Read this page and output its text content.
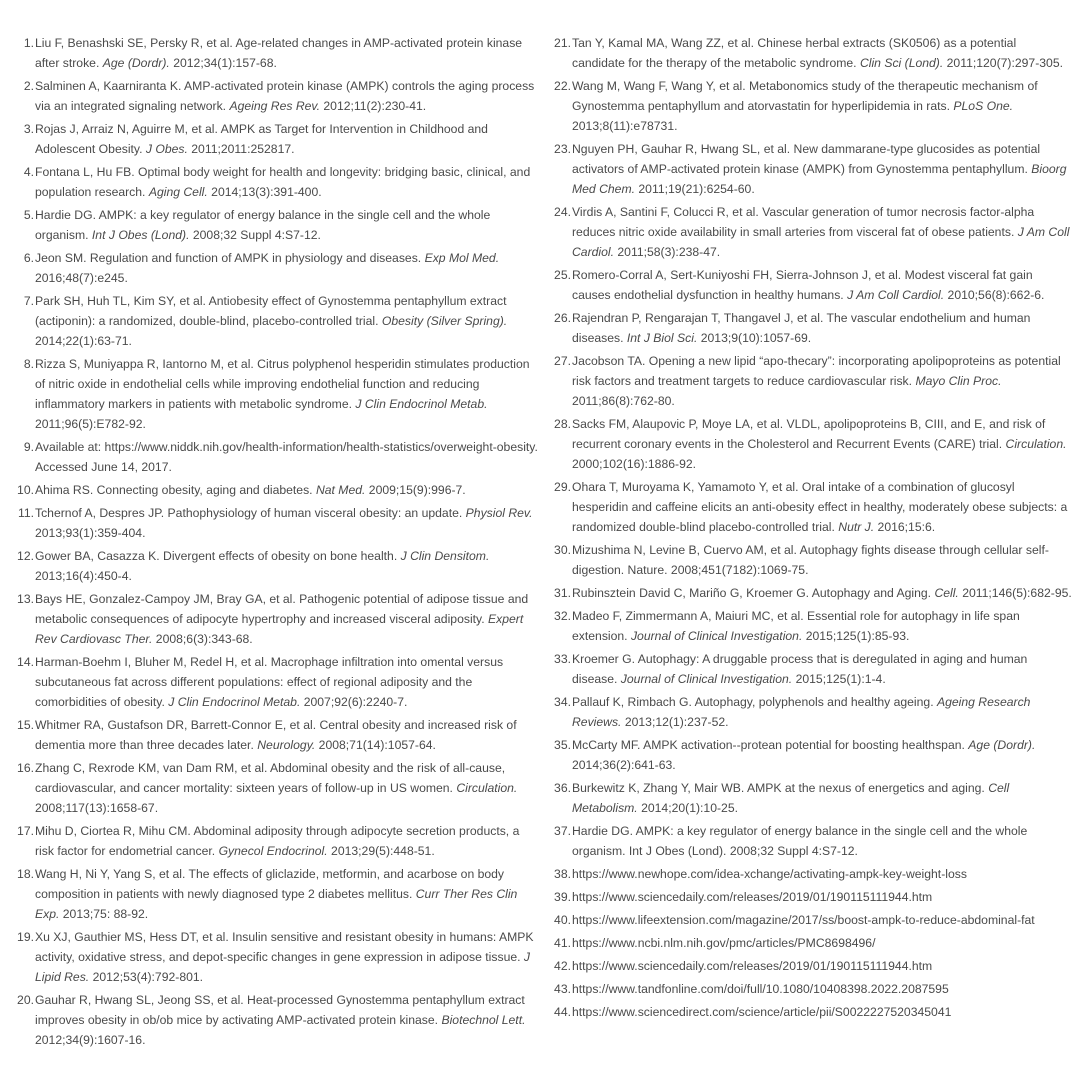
1. Liu F, Benashski SE, Persky R, et al. Age-related changes in AMP-activated protein kinase after stroke. Age (Dordr). 2012;34(1):157-68.
2. Salminen A, Kaarniranta K. AMP-activated protein kinase (AMPK) controls the aging process via an integrated signaling network. Ageing Res Rev. 2012;11(2):230-41.
3. Rojas J, Arraiz N, Aguirre M, et al. AMPK as Target for Intervention in Childhood and Adolescent Obesity. J Obes. 2011;2011:252817.
4. Fontana L, Hu FB. Optimal body weight for health and longevity: bridging basic, clinical, and population research. Aging Cell. 2014;13(3):391-400.
5. Hardie DG. AMPK: a key regulator of energy balance in the single cell and the whole organism. Int J Obes (Lond). 2008;32 Suppl 4:S7-12.
6. Jeon SM. Regulation and function of AMPK in physiology and diseases. Exp Mol Med. 2016;48(7):e245.
7. Park SH, Huh TL, Kim SY, et al. Antiobesity effect of Gynostemma pentaphyllum extract (actiponin): a randomized, double-blind, placebo-controlled trial. Obesity (Silver Spring). 2014;22(1):63-71.
8. Rizza S, Muniyappa R, Iantorno M, et al. Citrus polyphenol hesperidin stimulates production of nitric oxide in endothelial cells while improving endothelial function and reducing inflammatory markers in patients with metabolic syndrome. J Clin Endocrinol Metab. 2011;96(5):E782-92.
9. Available at: https://www.niddk.nih.gov/health-information/health-statistics/overweight-obesity. Accessed June 14, 2017.
10. Ahima RS. Connecting obesity, aging and diabetes. Nat Med. 2009;15(9):996-7.
11. Tchernof A, Despres JP. Pathophysiology of human visceral obesity: an update. Physiol Rev. 2013;93(1):359-404.
12. Gower BA, Casazza K. Divergent effects of obesity on bone health. J Clin Densitom. 2013;16(4):450-4.
13. Bays HE, Gonzalez-Campoy JM, Bray GA, et al. Pathogenic potential of adipose tissue and metabolic consequences of adipocyte hypertrophy and increased visceral adiposity. Expert Rev Cardiovasc Ther. 2008;6(3):343-68.
14. Harman-Boehm I, Bluher M, Redel H, et al. Macrophage infiltration into omental versus subcutaneous fat across different populations: effect of regional adiposity and the comorbidities of obesity. J Clin Endocrinol Metab. 2007;92(6):2240-7.
15. Whitmer RA, Gustafson DR, Barrett-Connor E, et al. Central obesity and increased risk of dementia more than three decades later. Neurology. 2008;71(14):1057-64.
16. Zhang C, Rexrode KM, van Dam RM, et al. Abdominal obesity and the risk of all-cause, cardiovascular, and cancer mortality: sixteen years of follow-up in US women. Circulation. 2008;117(13):1658-67.
17. Mihu D, Ciortea R, Mihu CM. Abdominal adiposity through adipocyte secretion products, a risk factor for endometrial cancer. Gynecol Endocrinol. 2013;29(5):448-51.
18. Wang H, Ni Y, Yang S, et al. The effects of gliclazide, metformin, and acarbose on body composition in patients with newly diagnosed type 2 diabetes mellitus. Curr Ther Res Clin Exp. 2013;75: 88-92.
19. Xu XJ, Gauthier MS, Hess DT, et al. Insulin sensitive and resistant obesity in humans: AMPK activity, oxidative stress, and depot-specific changes in gene expression in adipose tissue. J Lipid Res. 2012;53(4):792-801.
20. Gauhar R, Hwang SL, Jeong SS, et al. Heat-processed Gynostemma pentaphyllum extract improves obesity in ob/ob mice by activating AMP-activated protein kinase. Biotechnol Lett. 2012;34(9):1607-16.
21. Tan Y, Kamal MA, Wang ZZ, et al. Chinese herbal extracts (SK0506) as a potential candidate for the therapy of the metabolic syndrome. Clin Sci (Lond). 2011;120(7):297-305.
22. Wang M, Wang F, Wang Y, et al. Metabonomics study of the therapeutic mechanism of Gynostemma pentaphyllum and atorvastatin for hyperlipidemia in rats. PLoS One. 2013;8(11):e78731.
23. Nguyen PH, Gauhar R, Hwang SL, et al. New dammarane-type glucosides as potential activators of AMP-activated protein kinase (AMPK) from Gynostemma pentaphyllum. Bioorg Med Chem. 2011;19(21):6254-60.
24. Virdis A, Santini F, Colucci R, et al. Vascular generation of tumor necrosis factor-alpha reduces nitric oxide availability in small arteries from visceral fat of obese patients. J Am Coll Cardiol. 2011;58(3):238-47.
25. Romero-Corral A, Sert-Kuniyoshi FH, Sierra-Johnson J, et al. Modest visceral fat gain causes endothelial dysfunction in healthy humans. J Am Coll Cardiol. 2010;56(8):662-6.
26. Rajendran P, Rengarajan T, Thangavel J, et al. The vascular endothelium and human diseases. Int J Biol Sci. 2013;9(10):1057-69.
27. Jacobson TA. Opening a new lipid “apo-thecary”: incorporating apolipoproteins as potential risk factors and treatment targets to reduce cardiovascular risk. Mayo Clin Proc. 2011;86(8):762-80.
28. Sacks FM, Alaupovic P, Moye LA, et al. VLDL, apolipoproteins B, CIII, and E, and risk of recurrent coronary events in the Cholesterol and Recurrent Events (CARE) trial. Circulation. 2000;102(16):1886-92.
29. Ohara T, Muroyama K, Yamamoto Y, et al. Oral intake of a combination of glucosyl hesperidin and caffeine elicits an anti-obesity effect in healthy, moderately obese subjects: a randomized double-blind placebo-controlled trial. Nutr J. 2016;15:6.
30. Mizushima N, Levine B, Cuervo AM, et al. Autophagy fights disease through cellular self-digestion. Nature. 2008;451(7182):1069-75.
31. Rubinsztein David C, Mariño G, Kroemer G. Autophagy and Aging. Cell. 2011;146(5):682-95.
32. Madeo F, Zimmermann A, Maiuri MC, et al. Essential role for autophagy in life span extension. Journal of Clinical Investigation. 2015;125(1):85-93.
33. Kroemer G. Autophagy: A druggable process that is deregulated in aging and human disease. Journal of Clinical Investigation. 2015;125(1):1-4.
34. Pallauf K, Rimbach G. Autophagy, polyphenols and healthy ageing. Ageing Research Reviews. 2013;12(1):237-52.
35. McCarty MF. AMPK activation--protean potential for boosting healthspan. Age (Dordr). 2014;36(2):641-63.
36. Burkewitz K, Zhang Y, Mair WB. AMPK at the nexus of energetics and aging. Cell Metabolism. 2014;20(1):10-25.
37. Hardie DG. AMPK: a key regulator of energy balance in the single cell and the whole organism. Int J Obes (Lond). 2008;32 Suppl 4:S7-12.
38. https://www.newhope.com/idea-xchange/activating-ampk-key-weight-loss
39. https://www.sciencedaily.com/releases/2019/01/190115111944.htm
40. https://www.lifeextension.com/magazine/2017/ss/boost-ampk-to-reduce-abdominal-fat
41. https://www.ncbi.nlm.nih.gov/pmc/articles/PMC8698496/
42. https://www.sciencedaily.com/releases/2019/01/190115111944.htm
43. https://www.tandfonline.com/doi/full/10.1080/10408398.2022.2087595
44. https://www.sciencedirect.com/science/article/pii/S0022227520345041
